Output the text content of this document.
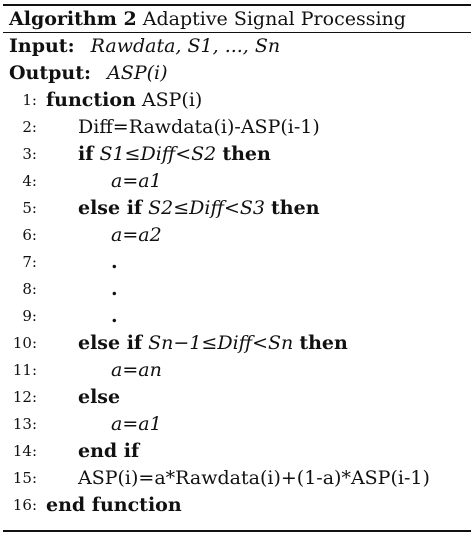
Algorithm 2 Adaptive Signal Processing
Input: Rawdata, S1, ..., Sn
Output: ASP(i)
1: function ASP(i)
2: Diff=Rawdata(i)-ASP(i-1)
3: if S1≤Diff<S2 then
4:	a=a1
5: else if S2≤Diff<S3 then
6:	a=a2
7:	.
8:	.
9:	.
10: else if Sn−1≤Diff<Sn then
11:	a=an
12: else
13:	a=a1
14: end if
15: ASP(i)=a*Rawdata(i)+(1-a)*ASP(i-1)
16: end function
